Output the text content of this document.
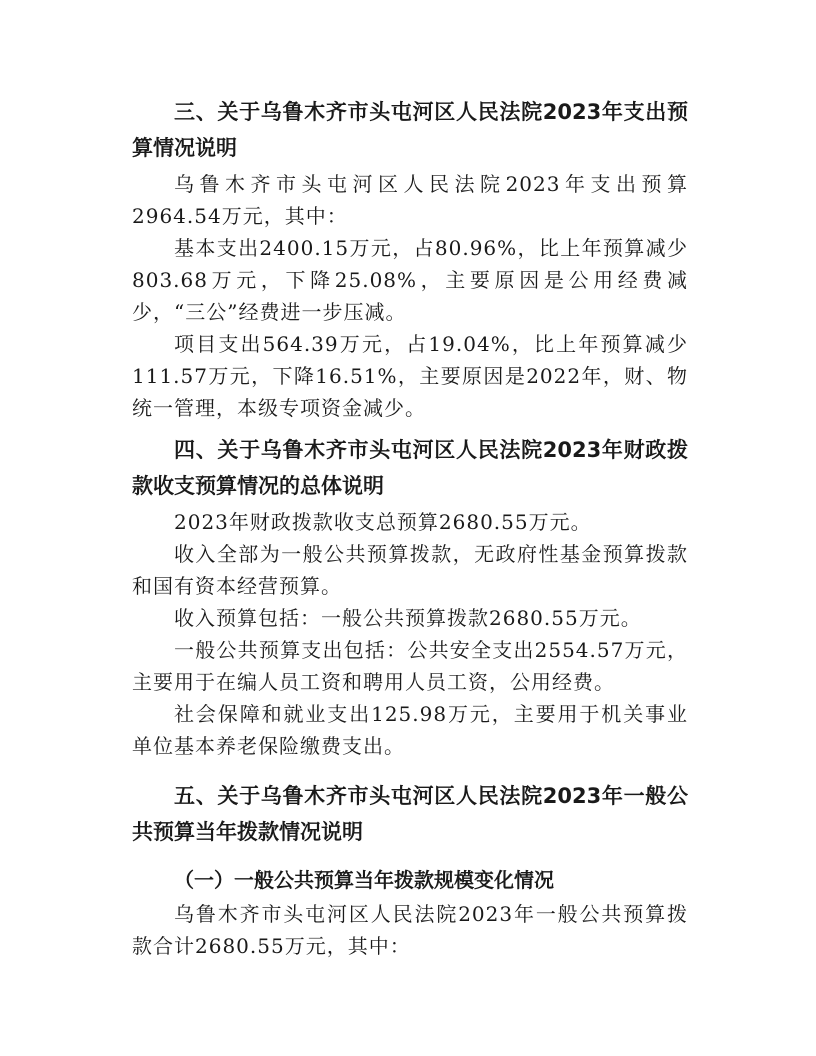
三、关于乌鲁木齐市头屯河区人民法院2023年支出预算情况说明

乌鲁木齐市头屯河区人民法院2023年支出预算2964.54万元，其中：

基本支出2400.15万元，占80.96%，比上年预算减少803.68万元，下降25.08%，主要原因是公用经费减少，“三公”经费进一步压减。

项目支出564.39万元，占19.04%，比上年预算减少111.57万元，下降16.51%，主要原因是2022年，财、物统一管理，本级专项资金减少。

四、关于乌鲁木齐市头屯河区人民法院2023年财政拨款收支预算情况的总体说明

2023年财政拨款收支总预算2680.55万元。

收入全部为一般公共预算拨款，无政府性基金预算拨款和国有资本经营预算。

收入预算包括：一般公共预算拨款2680.55万元。

一般公共预算支出包括：公共安全支出2554.57万元，主要用于在编人员工资和聘用人员工资，公用经费。

社会保障和就业支出125.98万元，主要用于机关事业单位基本养老保险缴费支出。

五、关于乌鲁木齐市头屯河区人民法院2023年一般公共预算当年拨款情况说明

（一）一般公共预算当年拨款规模变化情况

乌鲁木齐市头屯河区人民法院2023年一般公共预算拨款合计2680.55万元，其中：
